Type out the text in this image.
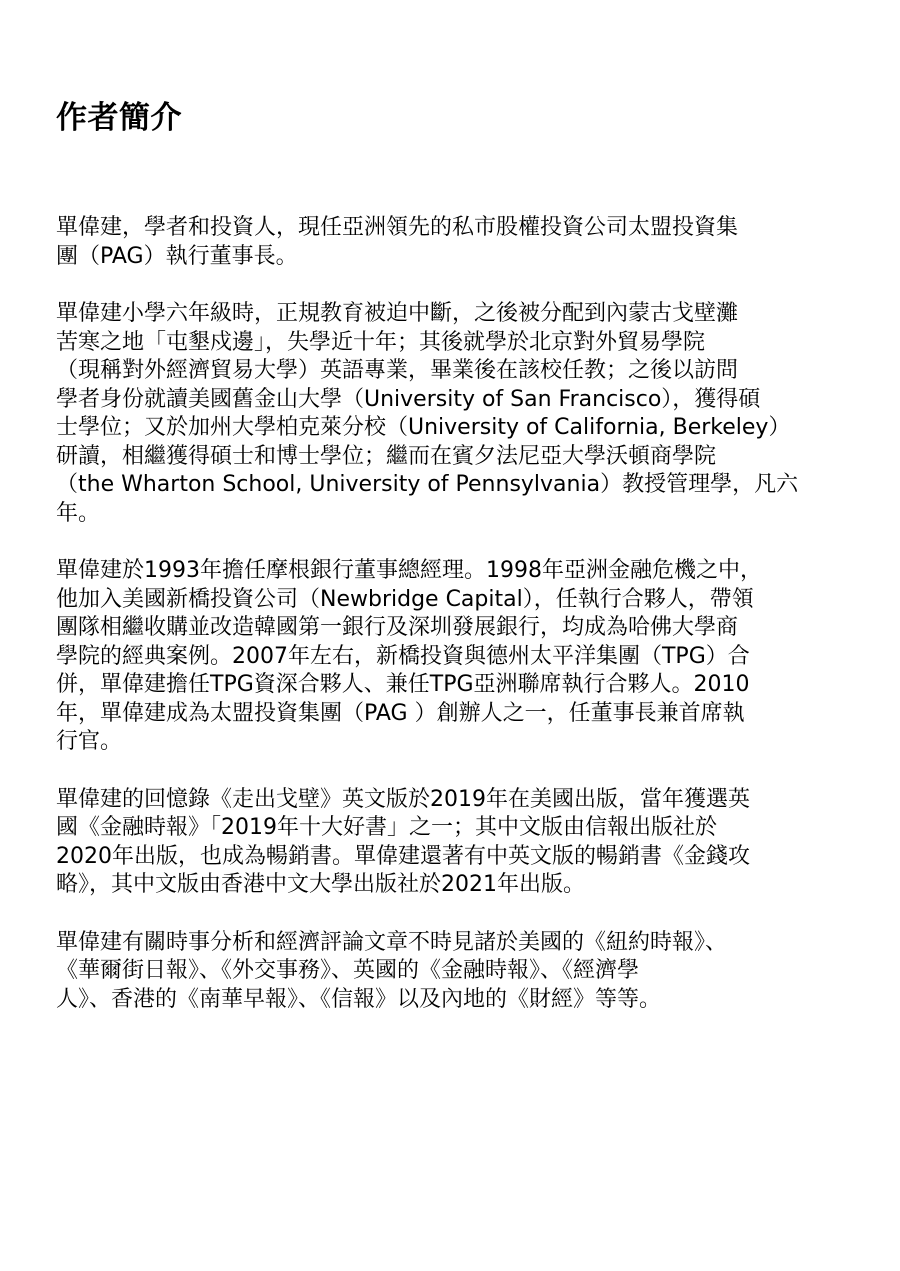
作者簡介

單偉建，學者和投資人，現任亞洲領先的私市股權投資公司太盟投資集
團（PAG）執行董事長。

單偉建小學六年級時，正規教育被迫中斷，之後被分配到內蒙古戈壁灘
苦寒之地「屯墾戍邊」，失學近十年；其後就學於北京對外貿易學院
（現稱對外經濟貿易大學）英語專業，畢業後在該校任教；之後以訪問
學者身份就讀美國舊金山大學（University of San Francisco），獲得碩
士學位；又於加州大學柏克萊分校（University of California, Berkeley）
研讀，相繼獲得碩士和博士學位；繼而在賓夕法尼亞大學沃頓商學院
（the Wharton School, University of Pennsylvania）教授管理學，凡六
年。

單偉建於1993年擔任摩根銀行董事總經理。1998年亞洲金融危機之中，
他加入美國新橋投資公司（Newbridge Capital），任執行合夥人，帶領
團隊相繼收購並改造韓國第一銀行及深圳發展銀行，均成為哈佛大學商
學院的經典案例。2007年左右，新橋投資與德州太平洋集團（TPG）合
併，單偉建擔任TPG資深合夥人、兼任TPG亞洲聯席執行合夥人。2010
年，單偉建成為太盟投資集團（PAG ）創辦人之一，任董事長兼首席執
行官。

單偉建的回憶錄《走出戈壁》英文版於2019年在美國出版，當年獲選英
國《金融時報》「2019年十大好書」之一；其中文版由信報出版社於
2020年出版，也成為暢銷書。單偉建還著有中英文版的暢銷書《金錢攻
略》，其中文版由香港中文大學出版社於2021年出版。

單偉建有關時事分析和經濟評論文章不時見諸於美國的《紐約時報》、
《華爾街日報》、《外交事務》、英國的《金融時報》、《經濟學
人》、香港的《南華早報》、《信報》以及內地的《財經》等等。
